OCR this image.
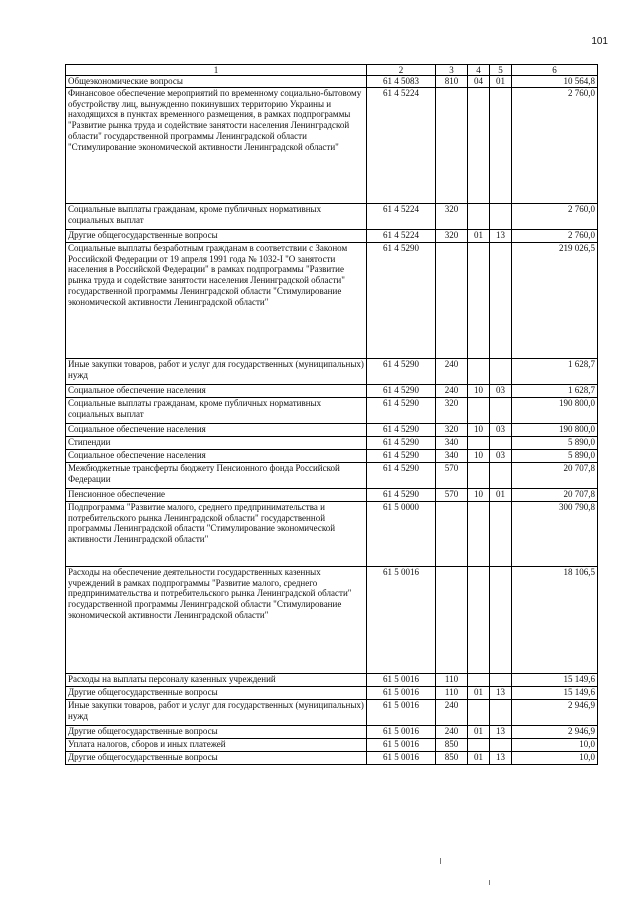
101
1	2	3	4	5	6
Общеэкономические вопросы	61 4 5083	810	04	01	10 564,8
Финансовое обеспечение мероприятий по временному социально-бытовому обустройству лиц, вынужденно покинувших территорию Украины и находящихся в пунктах временного размещения, в рамках подпрограммы "Развитие рынка труда и содействие занятости населения Ленинградской области" государственной программы Ленинградской области "Стимулирование экономической активности Ленинградской области"	61 4 5224				2 760,0
Социальные выплаты гражданам, кроме публичных нормативных социальных выплат	61 4 5224	320			2 760,0
Другие общегосударственные вопросы	61 4 5224	320	01	13	2 760,0
Социальные выплаты безработным гражданам в соответствии с Законом Российской Федерации от 19 апреля 1991 года № 1032-I "О занятости населения в Российской Федерации" в рамках подпрограммы "Развитие рынка труда и содействие занятости населения Ленинградской области" государственной программы Ленинградской области "Стимулирование экономической активности Ленинградской области"	61 4 5290				219 026,5
Иные закупки товаров, работ и услуг для государственных (муниципальных) нужд	61 4 5290	240			1 628,7
Социальное обеспечение населения	61 4 5290	240	10	03	1 628,7
Социальные выплаты гражданам, кроме публичных нормативных социальных выплат	61 4 5290	320			190 800,0
Социальное обеспечение населения	61 4 5290	320	10	03	190 800,0
Стипендии	61 4 5290	340			5 890,0
Социальное обеспечение населения	61 4 5290	340	10	03	5 890,0
Межбюджетные трансферты бюджету Пенсионного фонда Российской Федерации	61 4 5290	570			20 707,8
Пенсионное обеспечение	61 4 5290	570	10	01	20 707,8
Подпрограмма "Развитие малого, среднего предпринимательства и потребительского рынка Ленинградской области" государственной программы Ленинградской области "Стимулирование экономической активности Ленинградской области"	61 5 0000				300 790,8
Расходы на обеспечение деятельности государственных казенных учреждений в рамках подпрограммы "Развитие малого, среднего предпринимательства и потребительского рынка Ленинградской области" государственной программы Ленинградской области "Стимулирование экономической активности Ленинградской области"	61 5 0016				18 106,5
Расходы на выплаты персоналу казенных учреждений	61 5 0016	110			15 149,6
Другие общегосударственные вопросы	61 5 0016	110	01	13	15 149,6
Иные закупки товаров, работ и услуг для государственных (муниципальных) нужд	61 5 0016	240			2 946,9
Другие общегосударственные вопросы	61 5 0016	240	01	13	2 946,9
Уплата налогов, сборов и иных платежей	61 5 0016	850			10,0
Другие общегосударственные вопросы	61 5 0016	850	01	13	10,0
